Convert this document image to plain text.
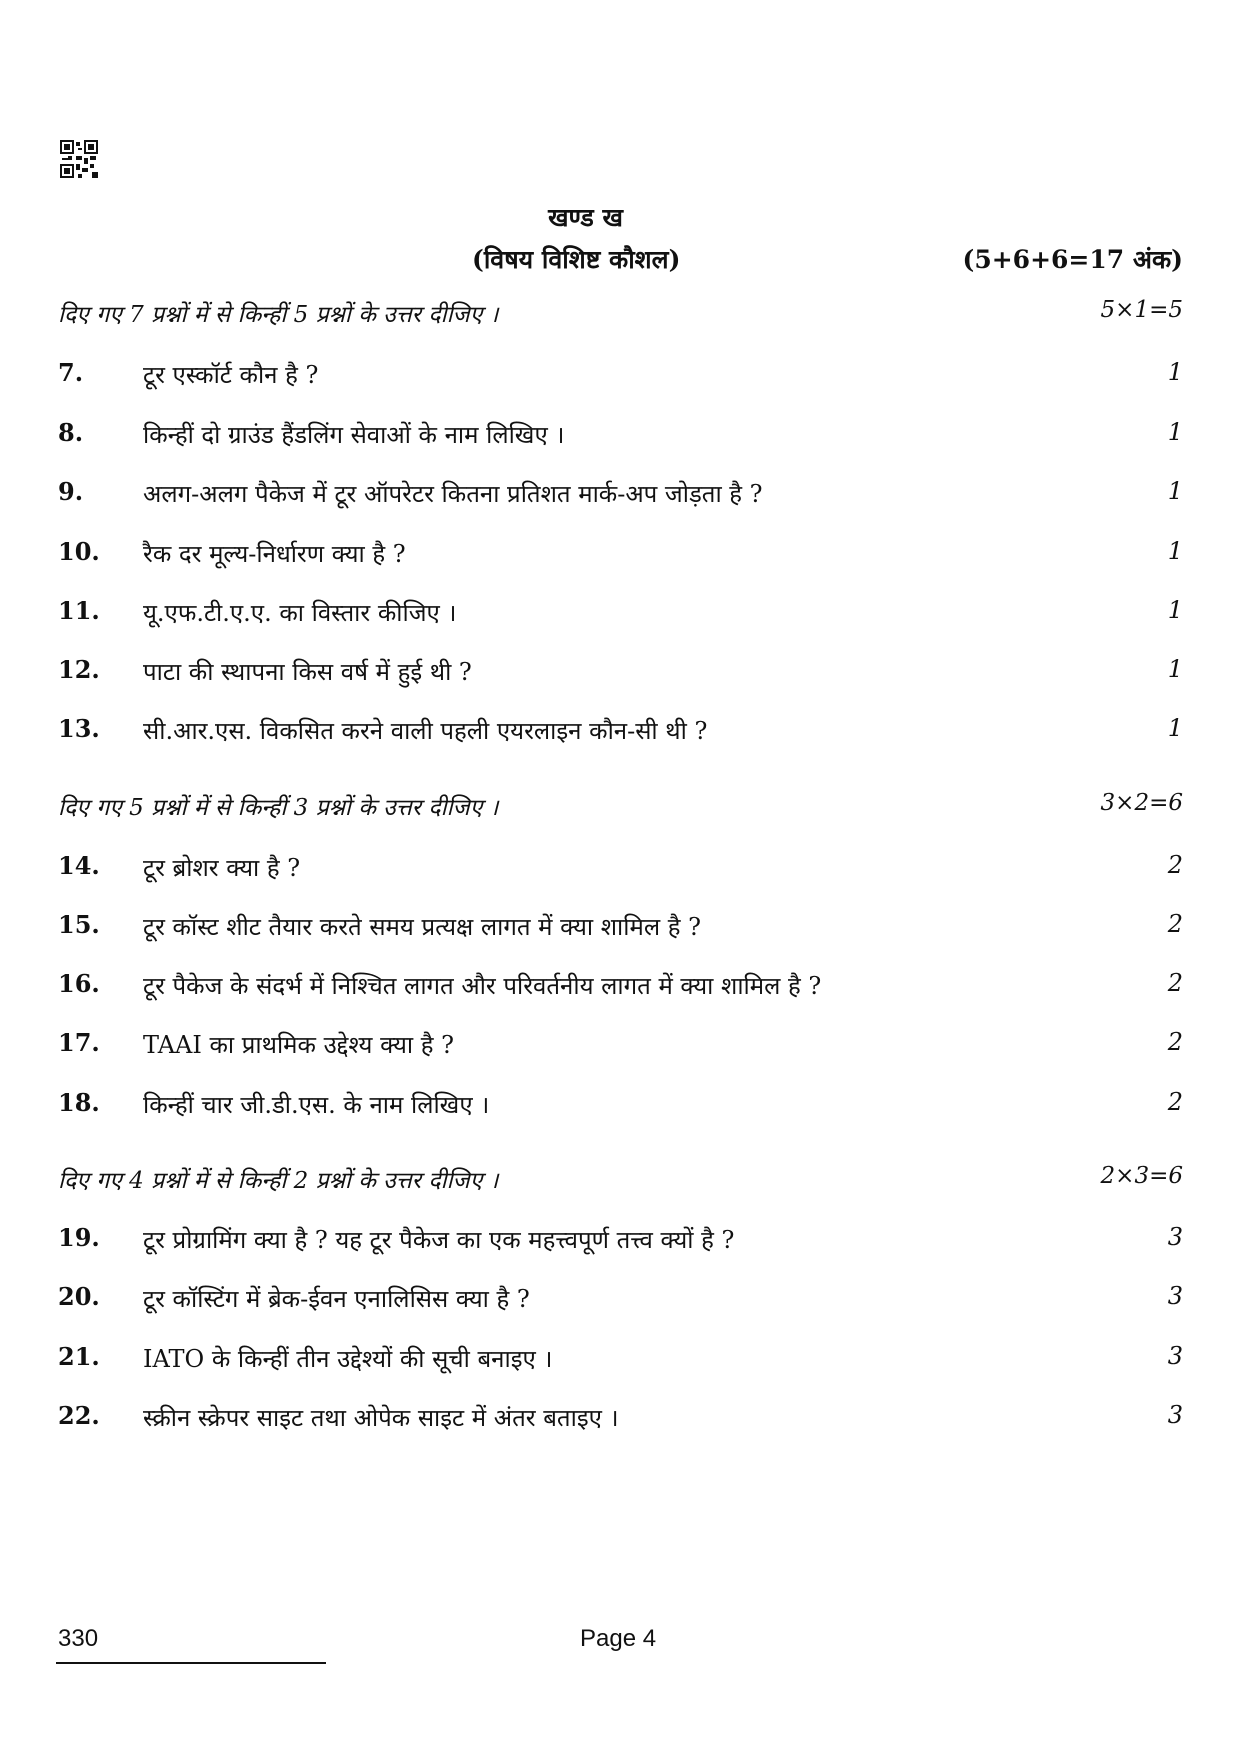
खण्ड ख
(विषय विशिष्ट कौशल)	(5+6+6=17 अंक)
दिए गए 7 प्रश्नों में से किन्हीं 5 प्रश्नों के उत्तर दीजिए ।	5×1=5
7. टूर एस्कॉर्ट कौन है ?	1
8. किन्हीं दो ग्राउंड हैंडलिंग सेवाओं के नाम लिखिए ।	1
9. अलग-अलग पैकेज में टूर ऑपरेटर कितना प्रतिशत मार्क-अप जोड़ता है ?	1
10. रैक दर मूल्य-निर्धारण क्या है ?	1
11. यू.एफ.टी.ए.ए. का विस्तार कीजिए ।	1
12. पाटा की स्थापना किस वर्ष में हुई थी ?	1
13. सी.आर.एस. विकसित करने वाली पहली एयरलाइन कौन-सी थी ?	1
दिए गए 5 प्रश्नों में से किन्हीं 3 प्रश्नों के उत्तर दीजिए ।	3×2=6
14. टूर ब्रोशर क्या है ?	2
15. टूर कॉस्ट शीट तैयार करते समय प्रत्यक्ष लागत में क्या शामिल है ?	2
16. टूर पैकेज के संदर्भ में निश्चित लागत और परिवर्तनीय लागत में क्या शामिल है ?	2
17. TAAI का प्राथमिक उद्देश्य क्या है ?	2
18. किन्हीं चार जी.डी.एस. के नाम लिखिए ।	2
दिए गए 4 प्रश्नों में से किन्हीं 2 प्रश्नों के उत्तर दीजिए ।	2×3=6
19. टूर प्रोग्रामिंग क्या है ? यह टूर पैकेज का एक महत्त्वपूर्ण तत्त्व क्यों है ?	3
20. टूर कॉस्टिंग में ब्रेक-ईवन एनालिसिस क्या है ?	3
21. IATO के किन्हीं तीन उद्देश्यों की सूची बनाइए ।	3
22. स्क्रीन स्क्रेपर साइट तथा ओपेक साइट में अंतर बताइए ।	3
330	Page 4
